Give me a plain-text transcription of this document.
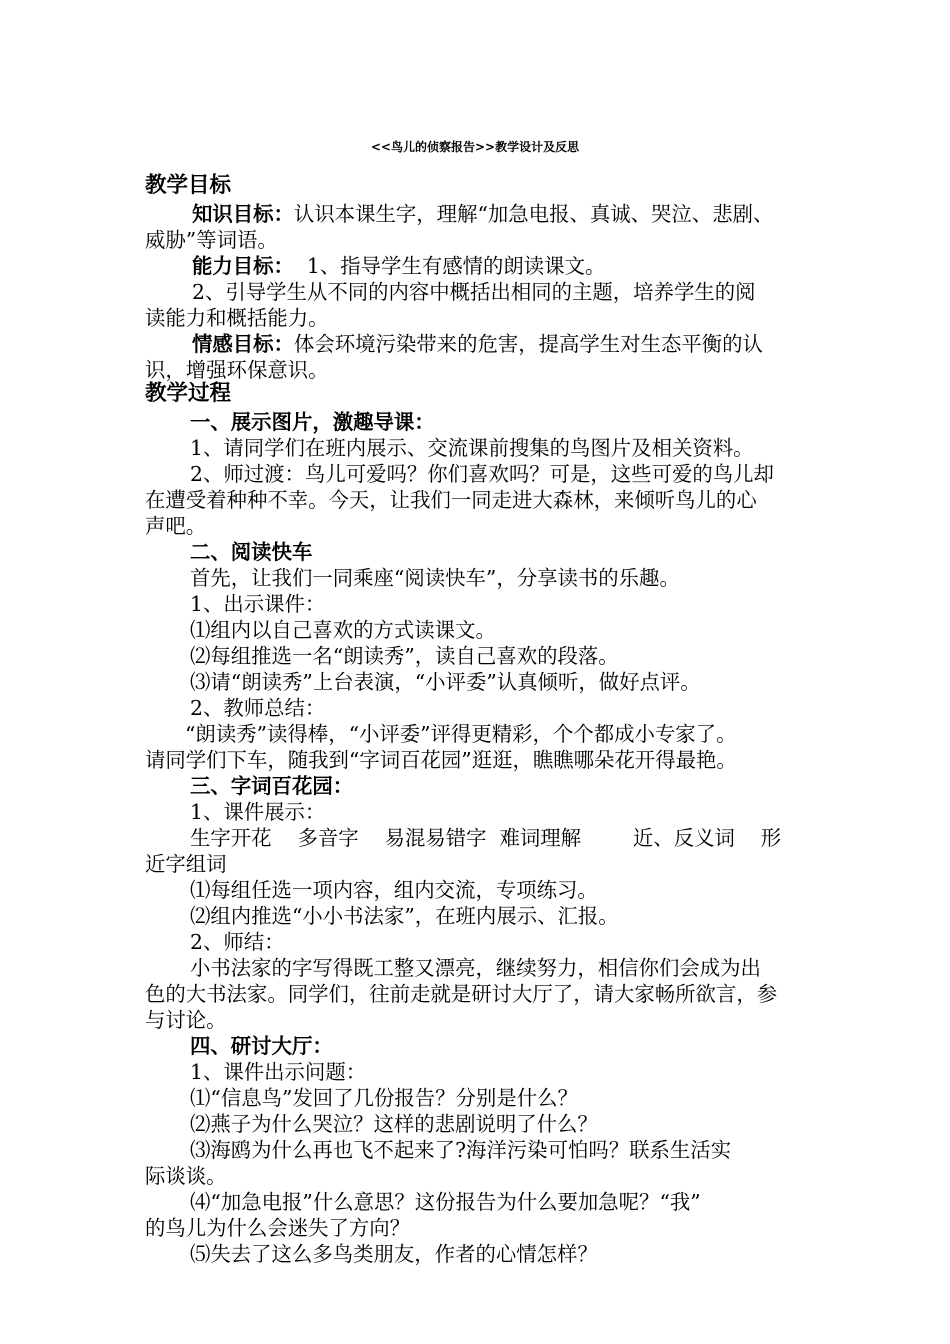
<<鸟儿的侦察报告>>教学设计及反思
教学目标
知识目标：认识本课生字，理解“加急电报、真诚、哭泣、悲剧、
威胁”等词语。
能力目标：  1、指导学生有感情的朗读课文。
2、引导学生从不同的内容中概括出相同的主题，培养学生的阅
读能力和概括能力。
情感目标：体会环境污染带来的危害，提高学生对生态平衡的认
识，增强环保意识。
教学过程
一、展示图片，激趣导课：
1、请同学们在班内展示、交流课前搜集的鸟图片及相关资料。
2、师过渡：鸟儿可爱吗？你们喜欢吗？可是，这些可爱的鸟儿却
在遭受着种种不幸。今天，让我们一同走进大森林，来倾听鸟儿的心
声吧。
二、阅读快车
首先，让我们一同乘座“阅读快车”，分享读书的乐趣。
1、出示课件：
⑴组内以自己喜欢的方式读课文。
⑵每组推选一名“朗读秀”，读自己喜欢的段落。
⑶请“朗读秀”上台表演，“小评委”认真倾听，做好点评。
2、教师总结：
“朗读秀”读得棒，“小评委”评得更精彩，个个都成小专家了。
请同学们下车，随我到“字词百花园”逛逛，瞧瞧哪朵花开得最艳。
三、字词百花园：
1、课件展示：
生字开花    多音字    易混易错字  难词理解        近、反义词    形
近字组词
⑴每组任选一项内容，组内交流，专项练习。
⑵组内推选“小小书法家”，在班内展示、汇报。
2、师结：
小书法家的字写得既工整又漂亮，继续努力，相信你们会成为出
色的大书法家。同学们，往前走就是研讨大厅了，请大家畅所欲言，参
与讨论。
四、研讨大厅：
1、课件出示问题：
⑴“信息鸟”发回了几份报告？分别是什么？
⑵燕子为什么哭泣？这样的悲剧说明了什么？
⑶海鸥为什么再也飞不起来了?海洋污染可怕吗？联系生活实
际谈谈。
⑷“加急电报”什么意思？这份报告为什么要加急呢？“我”
的鸟儿为什么会迷失了方向？
⑸失去了这么多鸟类朋友，作者的心情怎样？
